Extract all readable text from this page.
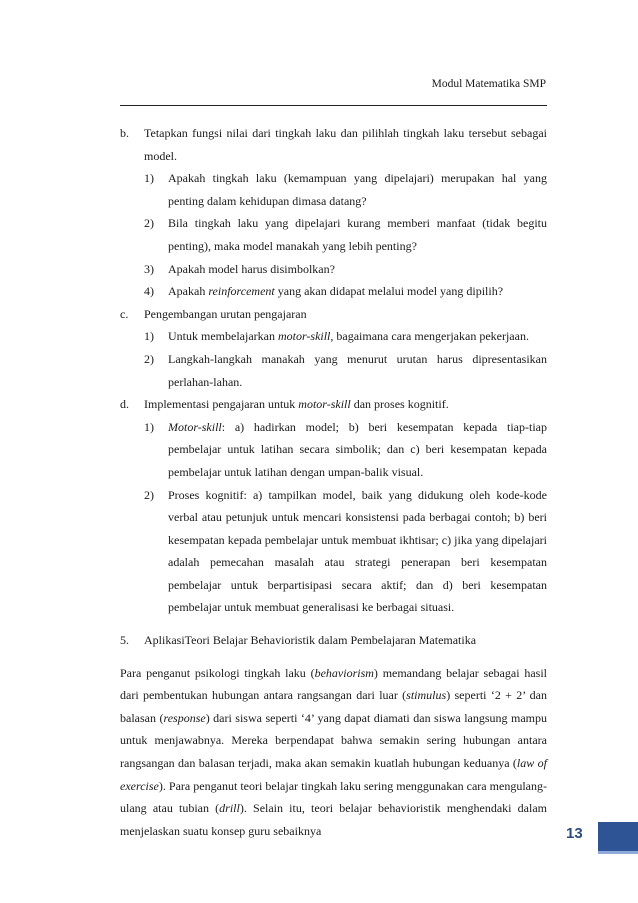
Modul Matematika SMP
b.	Tetapkan fungsi nilai dari tingkah laku dan pilihlah tingkah laku tersebut sebagai model.
1)	Apakah tingkah laku (kemampuan yang dipelajari) merupakan hal yang penting dalam kehidupan dimasa datang?
2)	Bila tingkah laku yang dipelajari kurang memberi manfaat (tidak begitu penting), maka model manakah yang lebih penting?
3)	Apakah model harus disimbolkan?
4)	Apakah reinforcement yang akan didapat melalui model yang dipilih?
c.	Pengembangan urutan pengajaran
1)	Untuk membelajarkan motor-skill, bagaimana cara mengerjakan pekerjaan.
2)	Langkah-langkah manakah yang menurut urutan harus dipresentasikan perlahan-lahan.
d.	Implementasi pengajaran untuk motor-skill dan proses kognitif.
1)	Motor-skill: a) hadirkan model; b) beri kesempatan kepada tiap-tiap pembelajar untuk latihan secara simbolik; dan c) beri kesempatan kepada pembelajar untuk latihan dengan umpan-balik visual.
2)	Proses kognitif: a) tampilkan model, baik yang didukung oleh kode-kode verbal atau petunjuk untuk mencari konsistensi pada berbagai contoh; b) beri kesempatan kepada pembelajar untuk membuat ikhtisar; c) jika yang dipelajari adalah pemecahan masalah atau strategi penerapan beri kesempatan pembelajar untuk berpartisipasi secara aktif; dan d) beri kesempatan pembelajar untuk membuat generalisasi ke berbagai situasi.
5.	AplikasiTeori Belajar Behavioristik dalam Pembelajaran Matematika
Para penganut psikologi tingkah laku (behaviorism) memandang belajar sebagai hasil dari pembentukan hubungan antara rangsangan dari luar (stimulus) seperti ‘2 + 2’ dan balasan (response) dari siswa seperti ‘4’ yang dapat diamati dan siswa langsung mampu untuk menjawabnya. Mereka berpendapat bahwa semakin sering hubungan antara rangsangan dan balasan terjadi, maka akan semakin kuatlah hubungan keduanya (law of exercise). Para penganut teori belajar tingkah laku sering menggunakan cara mengulang-ulang atau tubian (drill). Selain itu, teori belajar behavioristik menghendaki dalam menjelaskan suatu konsep guru sebaiknya	13
